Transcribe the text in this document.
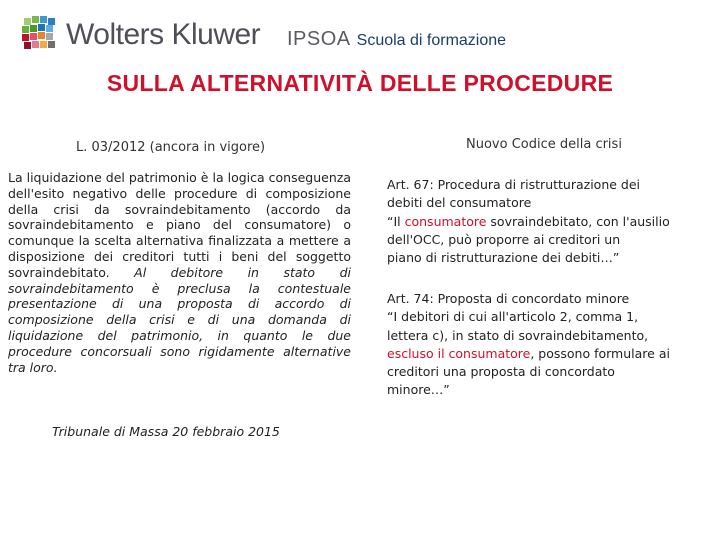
Wolters Kluwer IPSOA Scuola di formazione
SULLA ALTERNATIVITÀ DELLE PROCEDURE
L. 03/2012 (ancora in vigore)	Nuovo Codice della crisi
La liquidazione del patrimonio è la logica conseguenza dell'esito negativo delle procedure di composizione della crisi da sovraindebitamento (accordo da sovraindebitamento e piano del consumatore) o comunque la scelta alternativa finalizzata a mettere a disposizione dei creditori tutti i beni del soggetto sovraindebitato. Al debitore in stato di sovraindebitamento è preclusa la contestuale presentazione di una proposta di accordo di composizione della crisi e di una domanda di liquidazione del patrimonio, in quanto le due procedure concorsuali sono rigidamente alternative tra loro.
Tribunale di Massa 20 febbraio 2015
Art. 67: Procedura di ristrutturazione dei
debiti del consumatore
“Il consumatore sovraindebitato, con l'ausilio
dell'OCC, può proporre ai creditori un
piano di ristrutturazione dei debiti…”
Art. 74: Proposta di concordato minore
“I debitori di cui all'articolo 2, comma 1,
lettera c), in stato di sovraindebitamento,
escluso il consumatore, possono formulare ai
creditori una proposta di concordato
minore…”
